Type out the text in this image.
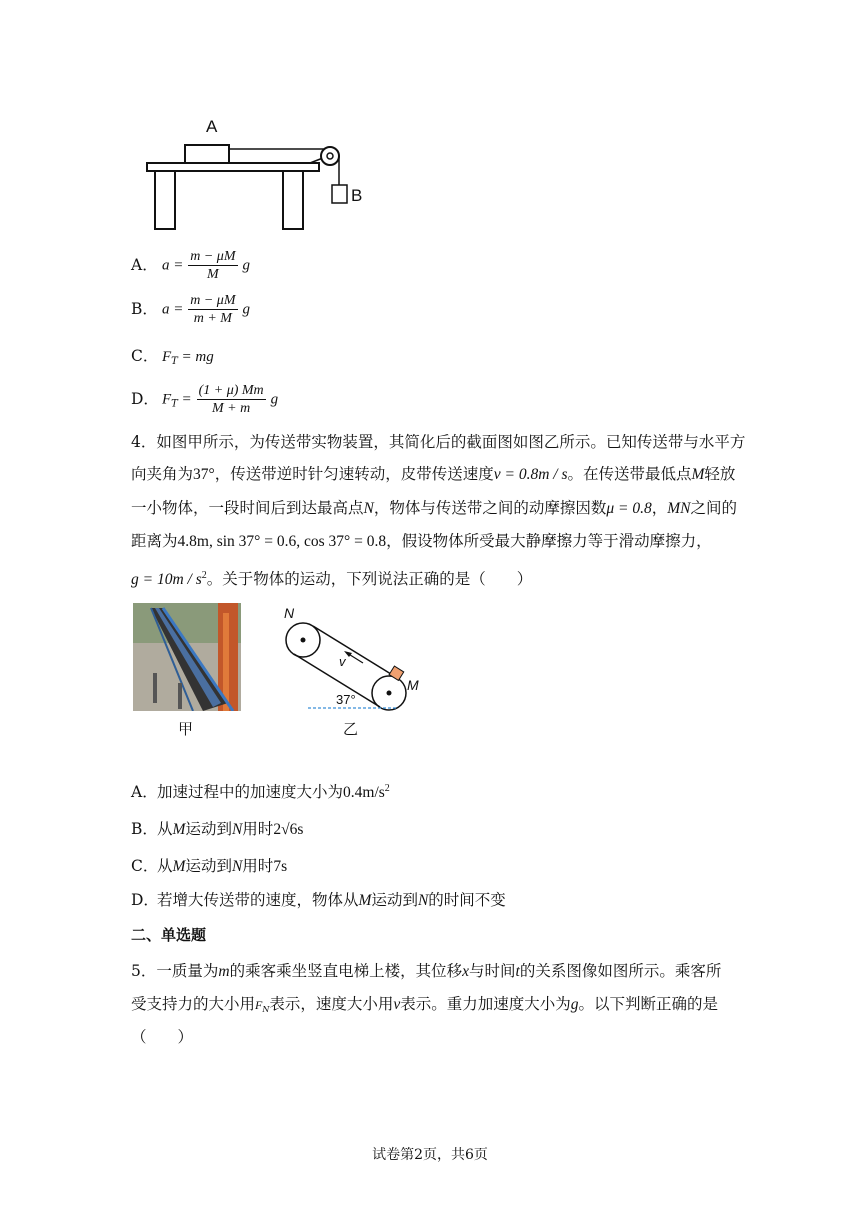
A
B
A． $a = \frac{m - \mu M}{M}$ g
B． $a = \frac{m - \mu M}{m + M}$ g
C． $F_T$ = mg
D． $F_T = \frac{(1 + \mu) Mm}{M + m}$ g
4．如图甲所示，为传送带实物装置，其简化后的截面图如图乙所示。已知传送带与水平方
向夹角为37°，传送带逆时针匀速转动，皮带传送速度v = 0.8m / s。在传送带最低点M轻放
一小物体，一段时间后到达最高点N，物体与传送带之间的动摩擦因数μ = 0.8，MN之间的
距离为4.8m, sin 37° = 0.6, cos 37° = 0.8，假设物体所受最大静摩擦力等于滑动摩擦力，
$g = 10m / s^2$。关于物体的运动，下列说法正确的是（　　）
甲
N
v
M
37°
乙
A．加速过程中的加速度大小为$0.4m/s^2$
B．从M运动到N用时2√6s
C．从M运动到N用时7s
D．若增大传送带的速度，物体从M运动到N的时间不变
二、单选题
5．一质量为m的乘客乘坐竖直电梯上楼，其位移x与时间t的关系图像如图所示。乘客所
受支持力的大小用$F_N$表示，速度大小用v表示。重力加速度大小为g。以下判断正确的是
（　　）
试卷第2页，共6页
